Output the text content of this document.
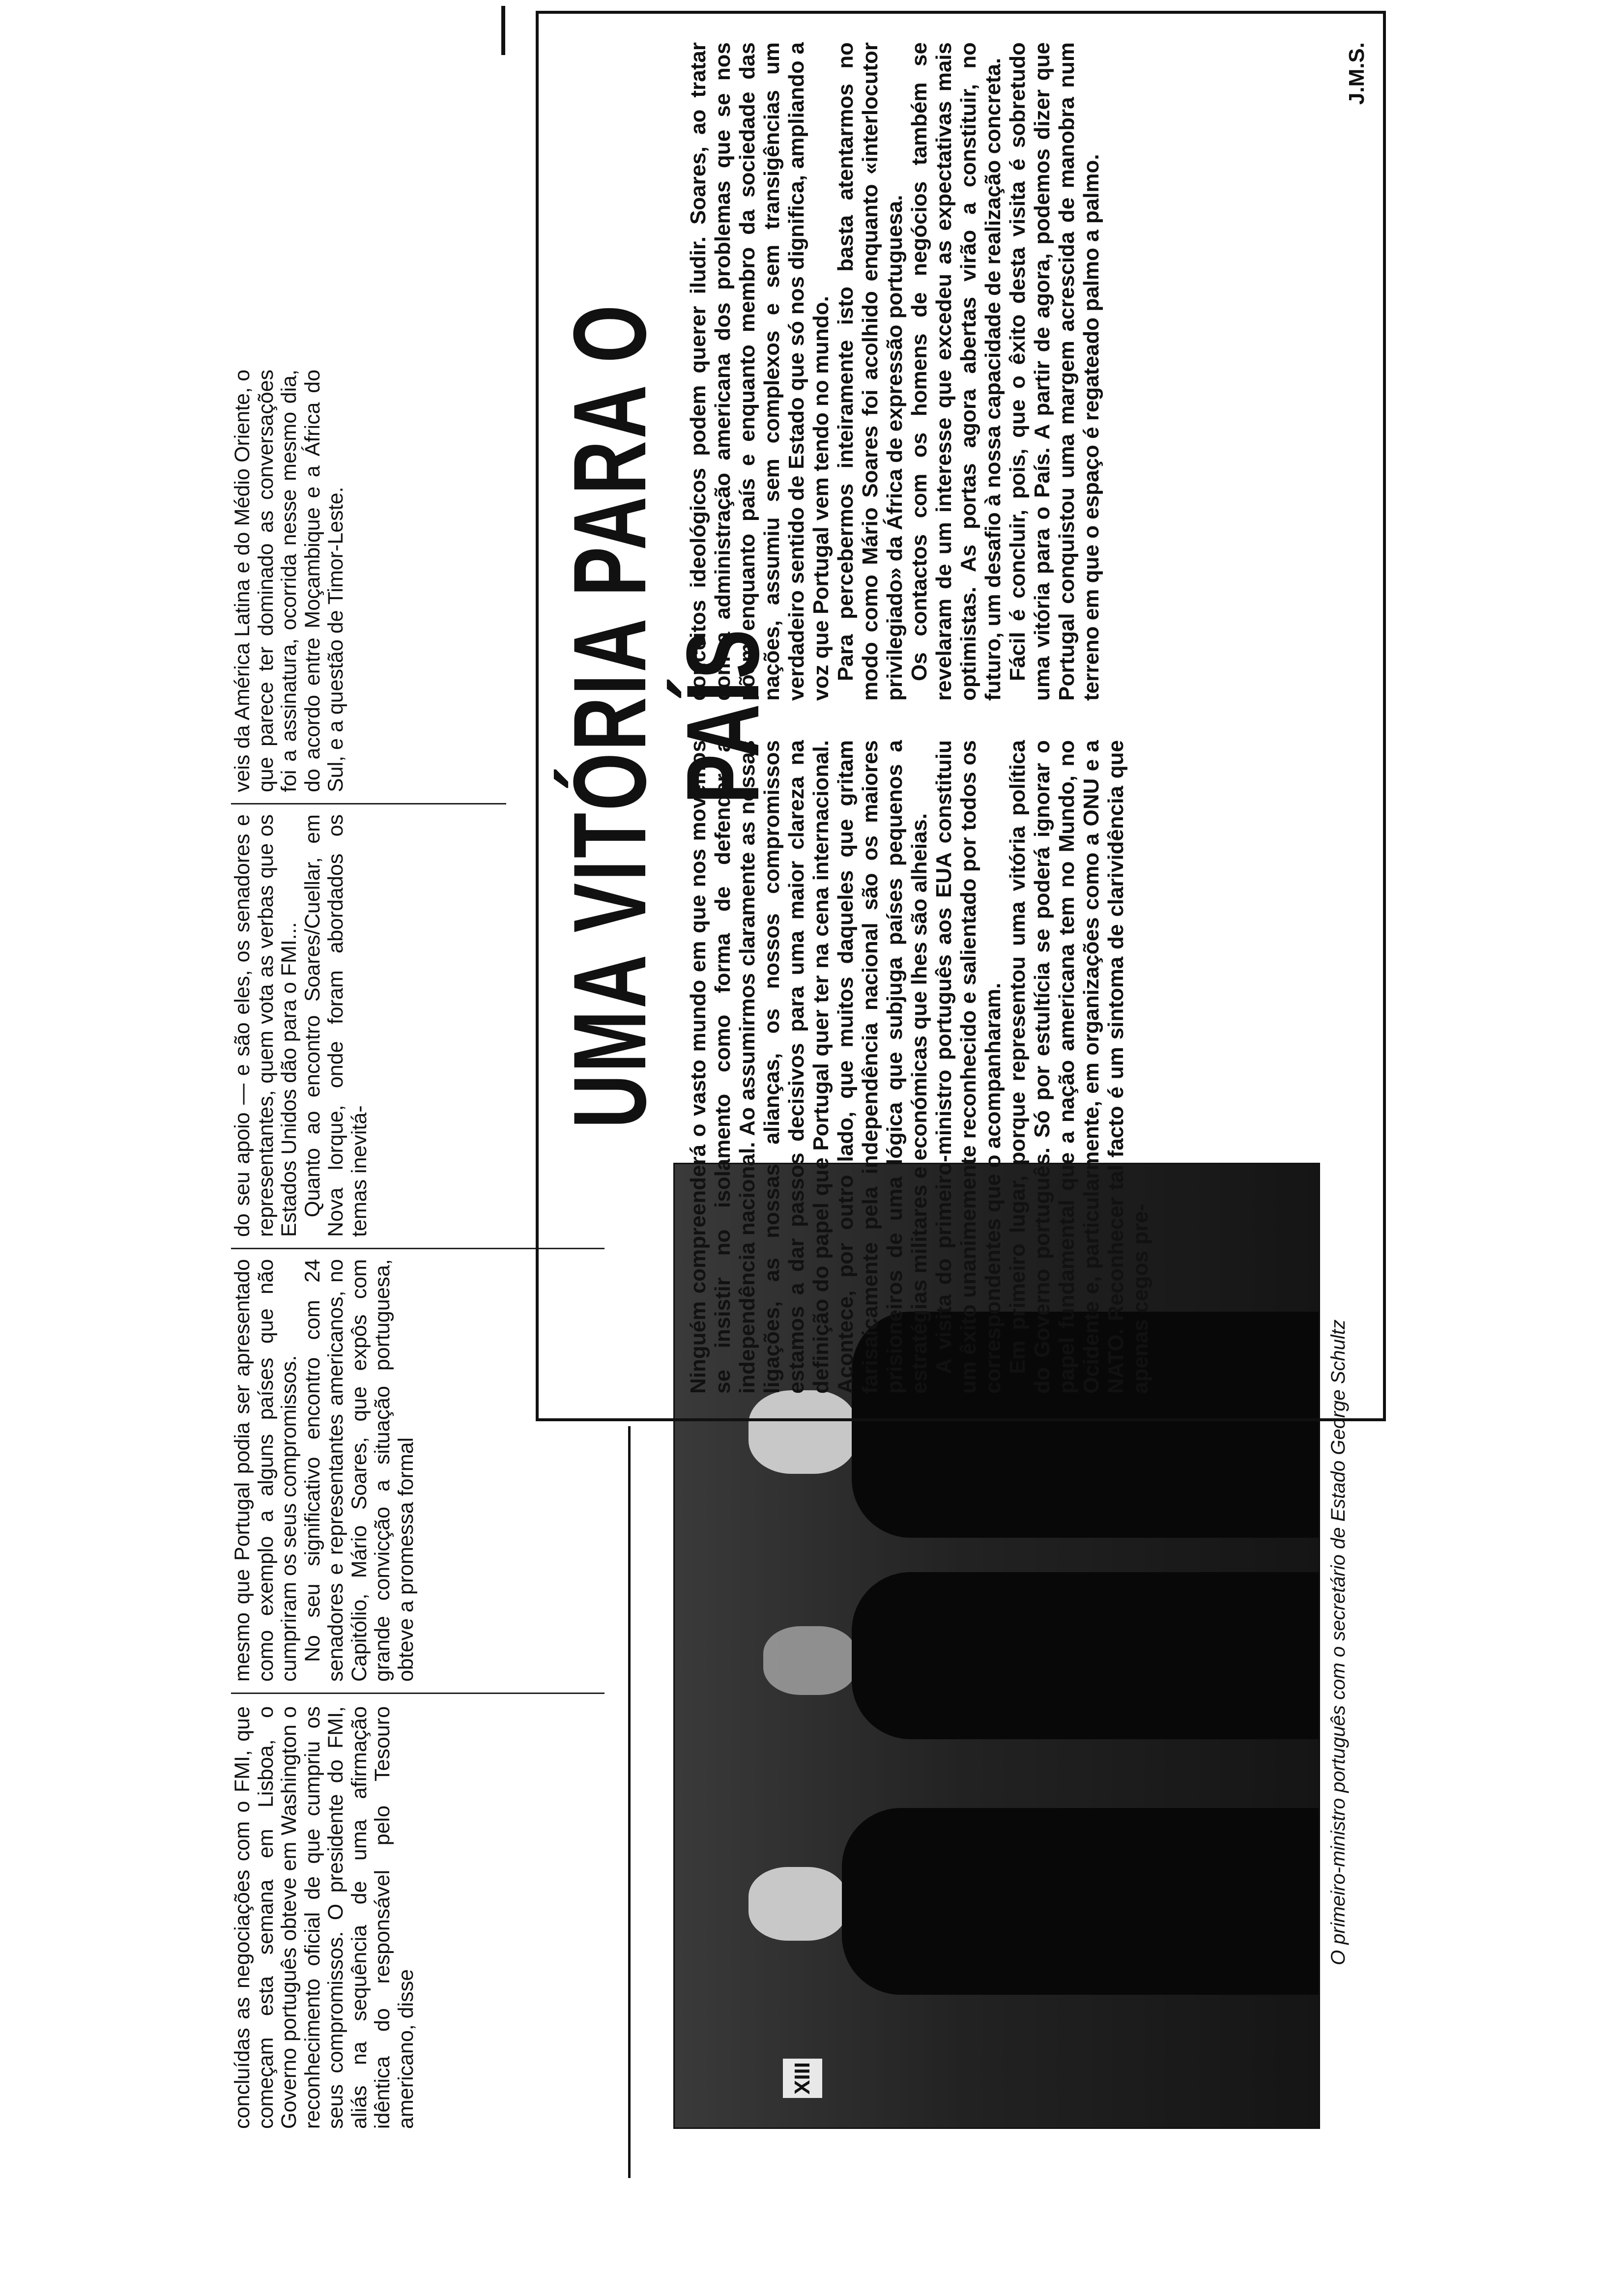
concluídas as negociações com o FMI, que começam esta semana em Lisboa, o Governo português obteve em Washington o reconhecimento oficial de que cumpriu os seus compromissos. O presidente do FMI, aliás na sequência de uma afirmação idêntica do responsável pelo Tesouro americano, disse

mesmo que Portugal podia ser apresentado como exemplo a alguns países que não cumpriram os seus compromissos. No seu significativo encontro com 24 senadores e representantes americanos, no Capitólio, Mário Soares, que expôs com grande convicção a situação portuguesa, obteve a promessa formal

do seu apoio — e são eles, os senadores e representantes, quem vota as verbas que os Estados Unidos dão para o FMI... Quanto ao encontro Soares/Cuellar, em Nova Iorque, onde foram abordados os temas inevitá-

veis da América Latina e do Médio Oriente, o que parece ter dominado as conversações foi a assinatura, ocorrida nesse mesmo dia, do acordo entre Moçambique e a África do Sul, e a questão de Timor-Leste.

XIII
O primeiro-ministro português com o secretário de Estado George Schultz
UMA VITÓRIA PARA O PAÍS

Ninguém compreenderá o vasto mundo em que nos movemos se insistir no isolamento como forma de defender a independência nacional. Ao assumirmos claramente as nossas ligações, as nossas alianças, os nossos compromissos estamos a dar passos decisivos para uma maior clareza na definição do papel que Portugal quer ter na cena internacional. Acontece, por outro lado, que muitos daqueles que gritam farisaicamente pela independência nacional são os maiores prisioneiros de uma lógica que subjuga países pequenos a estratégias militares e económicas que lhes são alheias. A visita do primeiro-ministro português aos EUA constituiu um êxito unanimemente reconhecido e salientado por todos os correspondentes que o acompanharam. Em primeiro lugar, porque representou uma vitória política do Governo português. Só por estultícia se poderá ignorar o papel fundamental que a nação americana tem no Mundo, no Ocidente e, particularmente, em organizações como a ONU e a NATO. Reconhecer tal facto é um sintoma de clarividência que apenas cegos pre-

conceitos ideológicos podem querer iludir. Soares, ao tratar com a administração americana dos problemas que se nos põem enquanto país e enquanto membro da sociedade das nações, assumiu sem complexos e sem transigências um verdadeiro sentido de Estado que só nos dignifica, ampliando a voz que Portugal vem tendo no mundo. Para percebermos inteiramente isto basta atentarmos no modo como Mário Soares foi acolhido enquanto «interlocutor privilegiado» da África de expressão portuguesa. Os contactos com os homens de negócios também se revelaram de um interesse que excedeu as expectativas mais optimistas. As portas agora abertas virão a constituir, no futuro, um desafio à nossa capacidade de realização concreta. Fácil é concluir, pois, que o êxito desta visita é sobretudo uma vitória para o País. A partir de agora, podemos dizer que Portugal conquistou uma margem acrescida de manobra num terreno em que o espaço é regateado palmo a palmo.

J.M.S.
